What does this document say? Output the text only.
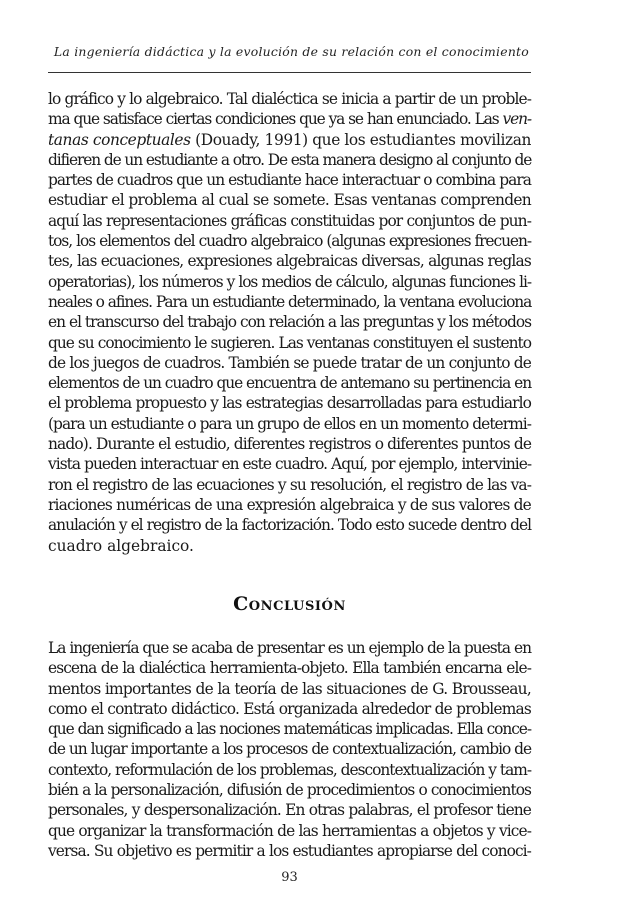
La ingeniería didáctica y la evolución de su relación con el conocimiento
lo gráfico y lo algebraico. Tal dialéctica se inicia a partir de un proble-
ma que satisface ciertas condiciones que ya se han enunciado. Las ven-
tanas conceptuales (Douady, 1991) que los estudiantes movilizan
difieren de un estudiante a otro. De esta manera designo al conjunto de
partes de cuadros que un estudiante hace interactuar o combina para
estudiar el problema al cual se somete. Esas ventanas comprenden
aquí las representaciones gráficas constituidas por conjuntos de pun-
tos, los elementos del cuadro algebraico (algunas expresiones frecuen-
tes, las ecuaciones, expresiones algebraicas diversas, algunas reglas
operatorias), los números y los medios de cálculo, algunas funciones li-
neales o afines. Para un estudiante determinado, la ventana evoluciona
en el transcurso del trabajo con relación a las preguntas y los métodos
que su conocimiento le sugieren. Las ventanas constituyen el sustento
de los juegos de cuadros. También se puede tratar de un conjunto de
elementos de un cuadro que encuentra de antemano su pertinencia en
el problema propuesto y las estrategias desarrolladas para estudiarlo
(para un estudiante o para un grupo de ellos en un momento determi-
nado). Durante el estudio, diferentes registros o diferentes puntos de
vista pueden interactuar en este cuadro. Aquí, por ejemplo, intervinie-
ron el registro de las ecuaciones y su resolución, el registro de las va-
riaciones numéricas de una expresión algebraica y de sus valores de
anulación y el registro de la factorización. Todo esto sucede dentro del
cuadro algebraico.
Conclusión
La ingeniería que se acaba de presentar es un ejemplo de la puesta en
escena de la dialéctica herramienta-objeto. Ella también encarna ele-
mentos importantes de la teoría de las situaciones de G. Brousseau,
como el contrato didáctico. Está organizada alrededor de problemas
que dan significado a las nociones matemáticas implicadas. Ella conce-
de un lugar importante a los procesos de contextualización, cambio de
contexto, reformulación de los problemas, descontextualización y tam-
bién a la personalización, difusión de procedimientos o conocimientos
personales, y despersonalización. En otras palabras, el profesor tiene
que organizar la transformación de las herramientas a objetos y vice-
versa. Su objetivo es permitir a los estudiantes apropiarse del conoci-
93
